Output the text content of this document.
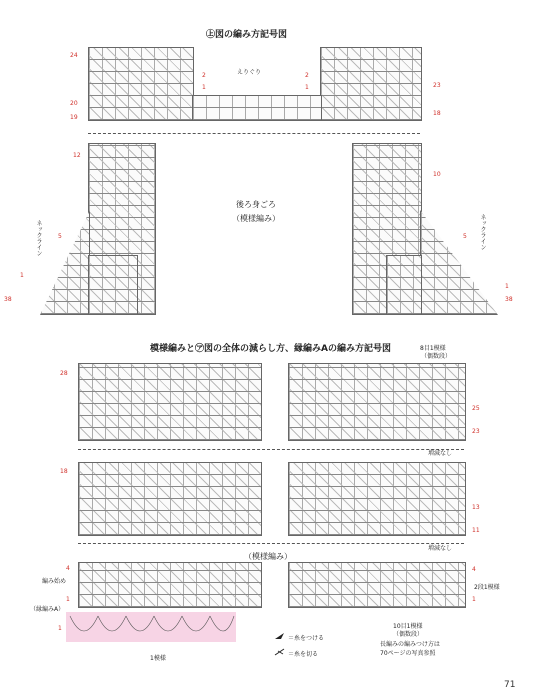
㊤図の編み方記号図
えりぐり
後ろ身ごろ
（模様編み）
ネックライン	ネックライン
24
20
19
12
5
1
38
23
18
10
5
1
38
2
1
2
1
模様編みと㋐図の全体の減らし方、縁編みAの編み方記号図	8目1模様
（偶数段）
増減なし
増減なし
（模様編み）
編み始め
（縁編みA）
2段1模様
1模様
28
18
4
1
1
25
23
13
11
4
1
＝糸をつける
＝糸を切る
10目1模様
（偶数段）
長編みの編みつけ方は
70ページの写真参照
71
